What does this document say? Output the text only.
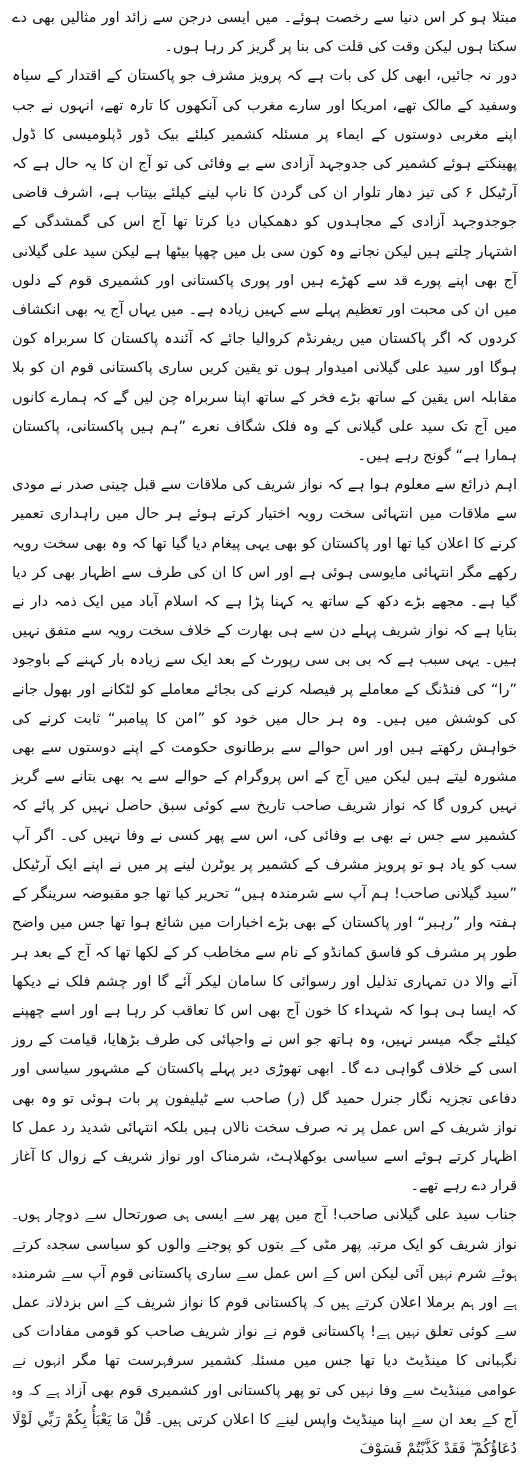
مبتلا ہو کر اس دنیا سے رخصت ہوئے۔ میں ایسی درجن سے زائد اور مثالیں بھی دے سکتا ہوں لیکن وقت کی قلت کی بنا پر گریز کر رہا ہوں۔

دور نہ جائیں، ابھی کل کی بات ہے کہ پرویز مشرف جو پاکستان کے اقتدار کے سیاہ وسفید کے مالک تھے، امریکا اور سارے مغرب کی آنکھوں کا تارہ تھے، انہوں نے جب اپنے مغربی دوستوں کے ایماء پر مسئلہ کشمیر کیلئے بیک ڈور ڈپلومیسی کا ڈول پھینکتے ہوئے کشمیر کی جدوجہد آزادی سے بے وفائی کی تو آج ان کا یہ حال ہے کہ آرٹیکل ۶ کی تیز دھار تلوار ان کی گردن کا ناپ لینے کیلئے بیتاب ہے، اشرف قاضی جوجدوجہد آزادی کے مجاہدوں کو دھمکیاں دیا کرتا تھا آج اس کی گمشدگی کے اشتہار چلتے ہیں لیکن نجانے وہ کون سی بل میں چھپا بیٹھا ہے لیکن سید علی گیلانی آج بھی اپنے پورے قد سے کھڑے ہیں اور پوری پاکستانی اور کشمیری قوم کے دلوں میں ان کی محبت اور تعظیم پہلے سے کہیں زیادہ ہے۔ میں یہاں آج یہ بھی انکشاف کردوں کہ اگر پاکستان میں ریفرنڈم کروالیا جائے کہ آئندہ پاکستان کا سربراہ کون ہوگا اور سید علی گیلانی امیدوار ہوں تو یقین کریں ساری پاکستانی قوم ان کو بلا مقابلہ اس یقین کے ساتھ بڑے فخر کے ساتھ اپنا سربراہ چن لیں گے کہ ہمارے کانوں میں آج تک سید علی گیلانی کے وہ فلک شگاف نعرے ”ہم ہیں پاکستانی، پاکستان ہمارا ہے“ گونج رہے ہیں۔

اہم ذرائع سے معلوم ہوا ہے کہ نواز شریف کی ملاقات سے قبل چینی صدر نے مودی سے ملاقات میں انتہائی سخت رویہ اختیار کرتے ہوئے ہر حال میں راہداری تعمیر کرنے کا اعلان کیا تھا اور پاکستان کو بھی یہی پیغام دیا گیا تھا کہ وہ بھی سخت رویہ رکھے مگر انتہائی مایوسی ہوئی ہے اور اس کا ان کی طرف سے اظہار بھی کر دیا گیا ہے۔ مجھے بڑے دکھ کے ساتھ یہ کہنا پڑا ہے کہ اسلام آباد میں ایک ذمہ دار نے بتایا ہے کہ نواز شریف پہلے دن سے ہی بھارت کے خلاف سخت رویہ سے متفق نہیں ہیں۔ یہی سبب ہے کہ بی بی سی رپورٹ کے بعد ایک سے زیادہ بار کہنے کے باوجود ”را“ کی فنڈنگ کے معاملے پر فیصلہ کرنے کی بجائے معاملے کو لٹکانے اور بھول جانے کی کوشش میں ہیں۔ وہ ہر حال میں خود کو ”امن کا پیامبر“ ثابت کرنے کی خواہش رکھتے ہیں اور اس حوالے سے برطانوی حکومت کے اپنے دوستوں سے بھی مشورہ لیتے ہیں لیکن میں آج کے اس پروگرام کے حوالے سے یہ بھی بتانے سے گریز نہیں کروں گا کہ نواز شریف صاحب تاریخ سے کوئی سبق حاصل نہیں کر پائے کہ کشمیر سے جس نے بھی بے وفائی کی، اس سے پھر کسی نے وفا نہیں کی۔ اگر آپ سب کو یاد ہو تو پرویز مشرف کے کشمیر پر یوٹرن لینے پر میں نے اپنے ایک آرٹیکل ”سید گیلانی صاحب! ہم آپ سے شرمندہ ہیں“ تحریر کیا تھا جو مقبوضہ سرینگر کے ہفتہ وار ”رہبر“ اور پاکستان کے بھی بڑے اخبارات میں شائع ہوا تھا جس میں واضح طور پر مشرف کو فاسق کمانڈو کے نام سے مخاطب کر کے لکھا تھا کہ آج کے بعد ہر آنے والا دن تمہاری تذلیل اور رسوائی کا سامان لیکر آئے گا اور چشم فلک نے دیکھا کہ ایسا ہی ہوا کہ شہداء کا خون آج بھی اس کا تعاقب کر رہا ہے اور اسے چھپنے کیلئے جگہ میسر نہیں، وہ ہاتھ جو اس نے واجپائی کی طرف بڑھایا، قیامت کے روز اسی کے خلاف گواہی دے گا۔ ابھی تھوڑی دیر پہلے پاکستان کے مشہور سیاسی اور دفاعی تجزیہ نگار جنرل حمید گل (ر) صاحب سے ٹیلیفون پر بات ہوئی تو وہ بھی نواز شریف کے اس عمل پر نہ صرف سخت نالاں ہیں بلکہ انتہائی شدید رد عمل کا اظہار کرتے ہوئے اسے سیاسی بوکھلاہٹ، شرمناک اور نواز شریف کے زوال کا آغاز قرار دے رہے تھے۔

جناب سید علی گیلانی صاحب! آج میں پھر سے ایسی ہی صورتحال سے دوچار ہوں۔ نواز شریف کو ایک مرتبہ پھر مٹی کے بتوں کو پوجنے والوں کو سیاسی سجدہ کرتے ہوئے شرم نہیں آئی لیکن اس کے اس عمل سے ساری پاکستانی قوم آپ سے شرمندہ ہے اور ہم برملا اعلان کرتے ہیں کہ پاکستانی قوم کا نواز شریف کے اس بزدلانہ عمل سے کوئی تعلق نہیں ہے! پاکستانی قوم نے نواز شریف صاحب کو قومی مفادات کی نگہبانی کا مینڈیٹ دیا تھا جس میں مسئلہ کشمیر سرفہرست تھا مگر انہوں نے عوامی مینڈیٹ سے وفا نہیں کی تو پھر پاکستانی اور کشمیری قوم بھی آزاد ہے کہ وہ آج کے بعد ان سے اپنا مینڈیٹ واپس لینے کا اعلان کرتی ہیں۔ قُلْ مَا يَعْبَأُ بِكُمْ رَبِّي لَوْلَا دُعَاؤُكُمْ ۖ فَقَدْ كَذَّبْتُمْ فَسَوْفَ
